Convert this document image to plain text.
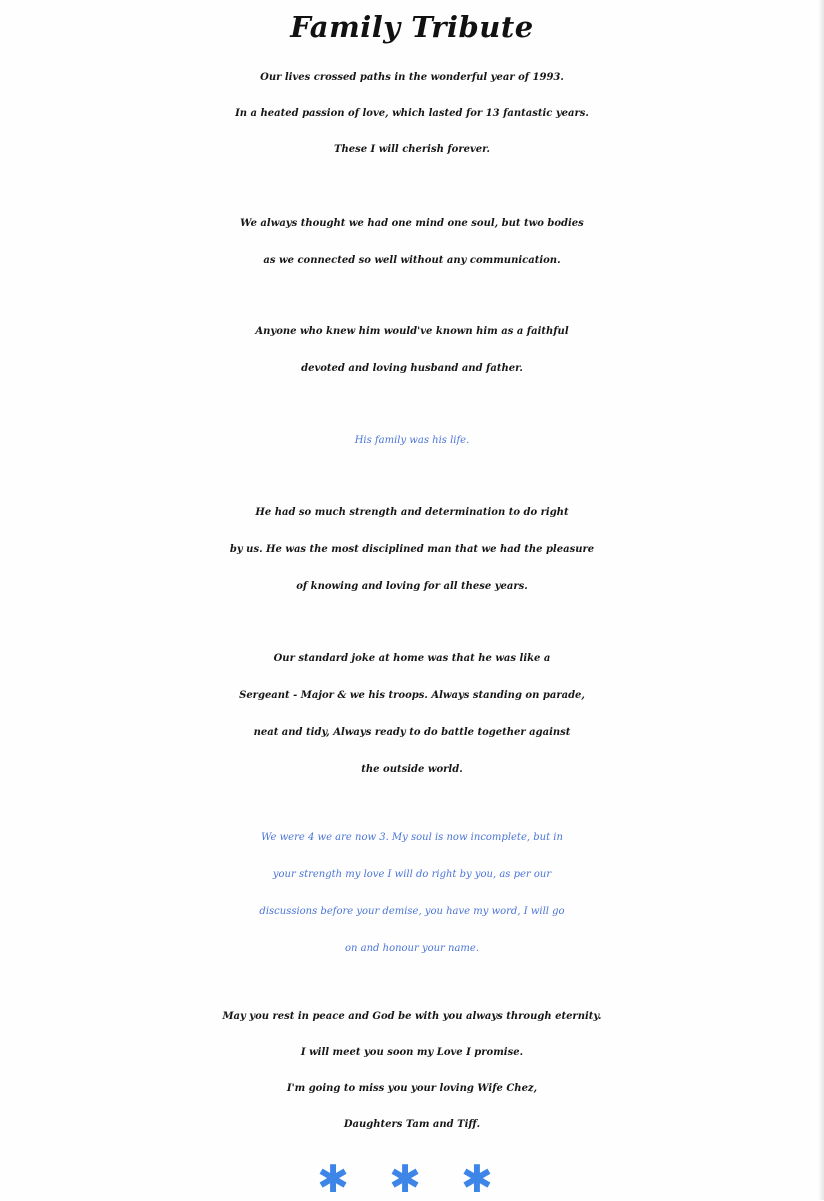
Family Tribute
Our lives crossed paths in the wonderful year of 1993.
In a heated passion of love, which lasted for 13 fantastic years.
These I will cherish forever.
We always thought we had one mind one soul, but two bodies
as we connected so well without any communication.
Anyone who knew him would've known him as a faithful
devoted and loving husband and father.
His family was his life.
He had so much strength and determination to do right
by us. He was the most disciplined man that we had the pleasure
of knowing and loving for all these years.
Our standard joke at home was that he was like a
Sergeant - Major & we his troops. Always standing on parade,
neat and tidy, Always ready to do battle together against
the outside world.
We were 4 we are now 3. My soul is now incomplete, but in
your strength my love I will do right by you, as per our
discussions before your demise, you have my word, I will go
on and honour your name.
May you rest in peace and God be with you always through eternity.
I will meet you soon my Love I promise.
I'm going to miss you your loving Wife Chez,
Daughters Tam and Tiff.
✱ ✱ ✱
